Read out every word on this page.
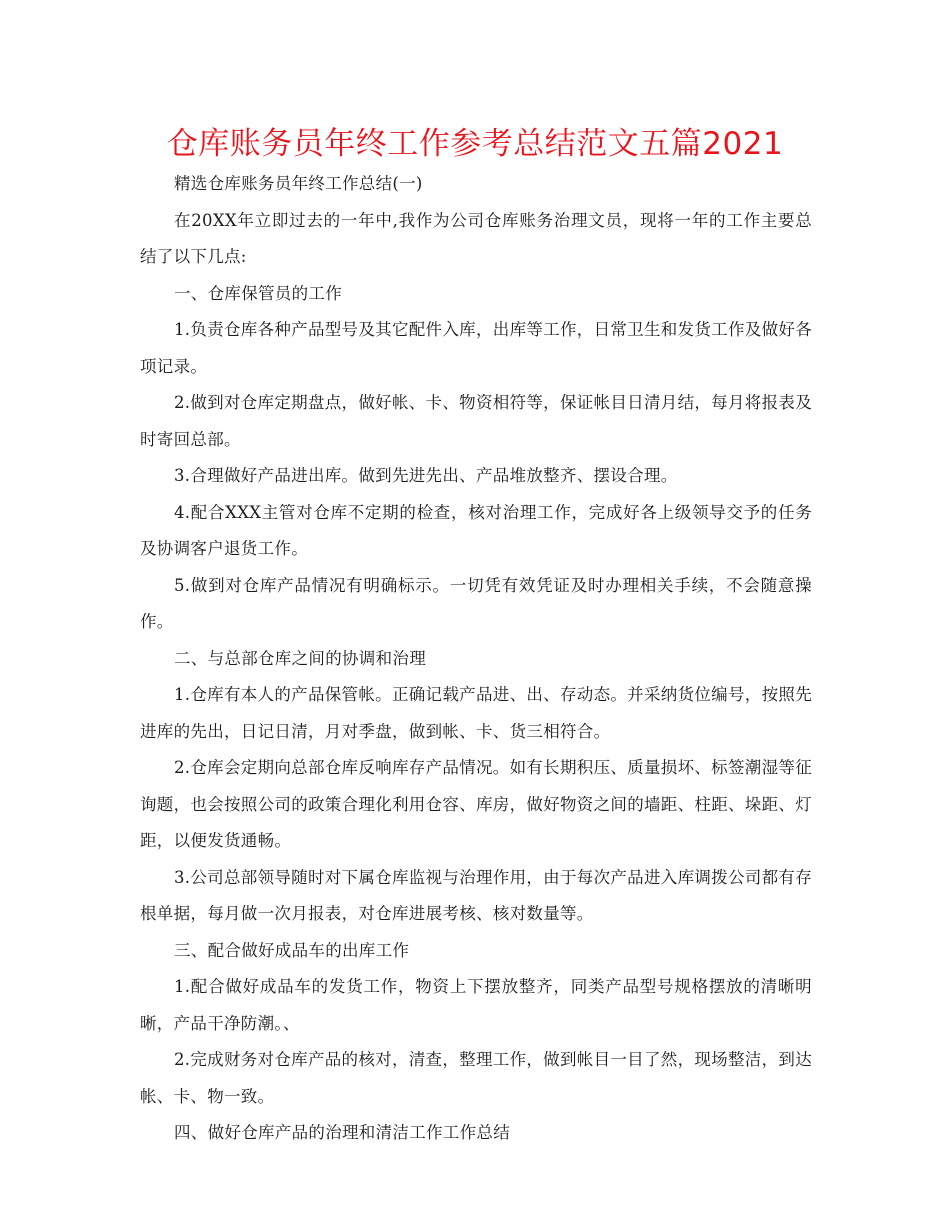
仓库账务员年终工作参考总结范文五篇2021

精选仓库账务员年终工作总结(一)

在20XX年立即过去的一年中,我作为公司仓库账务治理文员，现将一年的工作主要总结了以下几点:

一、仓库保管员的工作

1.负责仓库各种产品型号及其它配件入库，出库等工作，日常卫生和发货工作及做好各项记录。

2.做到对仓库定期盘点，做好帐、卡、物资相符等，保证帐目日清月结，每月将报表及时寄回总部。

3.合理做好产品进出库。做到先进先出、产品堆放整齐、摆设合理。

4.配合XXX主管对仓库不定期的检查，核对治理工作，完成好各上级领导交予的任务及协调客户退货工作。

5.做到对仓库产品情况有明确标示。一切凭有效凭证及时办理相关手续，不会随意操作。

二、与总部仓库之间的协调和治理

1.仓库有本人的产品保管帐。正确记载产品进、出、存动态。并采纳货位编号，按照先进库的先出，日记日清，月对季盘，做到帐、卡、货三相符合。

2.仓库会定期向总部仓库反响库存产品情况。如有长期积压、质量损坏、标签潮湿等征询题，也会按照公司的政策合理化利用仓容、库房，做好物资之间的墙距、柱距、垛距、灯距，以便发货通畅。

3.公司总部领导随时对下属仓库监视与治理作用，由于每次产品进入库调拨公司都有存根单据，每月做一次月报表，对仓库进展考核、核对数量等。

三、配合做好成品车的出库工作

1.配合做好成品车的发货工作，物资上下摆放整齐，同类产品型号规格摆放的清晰明晰，产品干净防潮。、

2.完成财务对仓库产品的核对，清查，整理工作，做到帐目一目了然，现场整洁，到达帐、卡、物一致。

四、做好仓库产品的治理和清洁工作工作总结
